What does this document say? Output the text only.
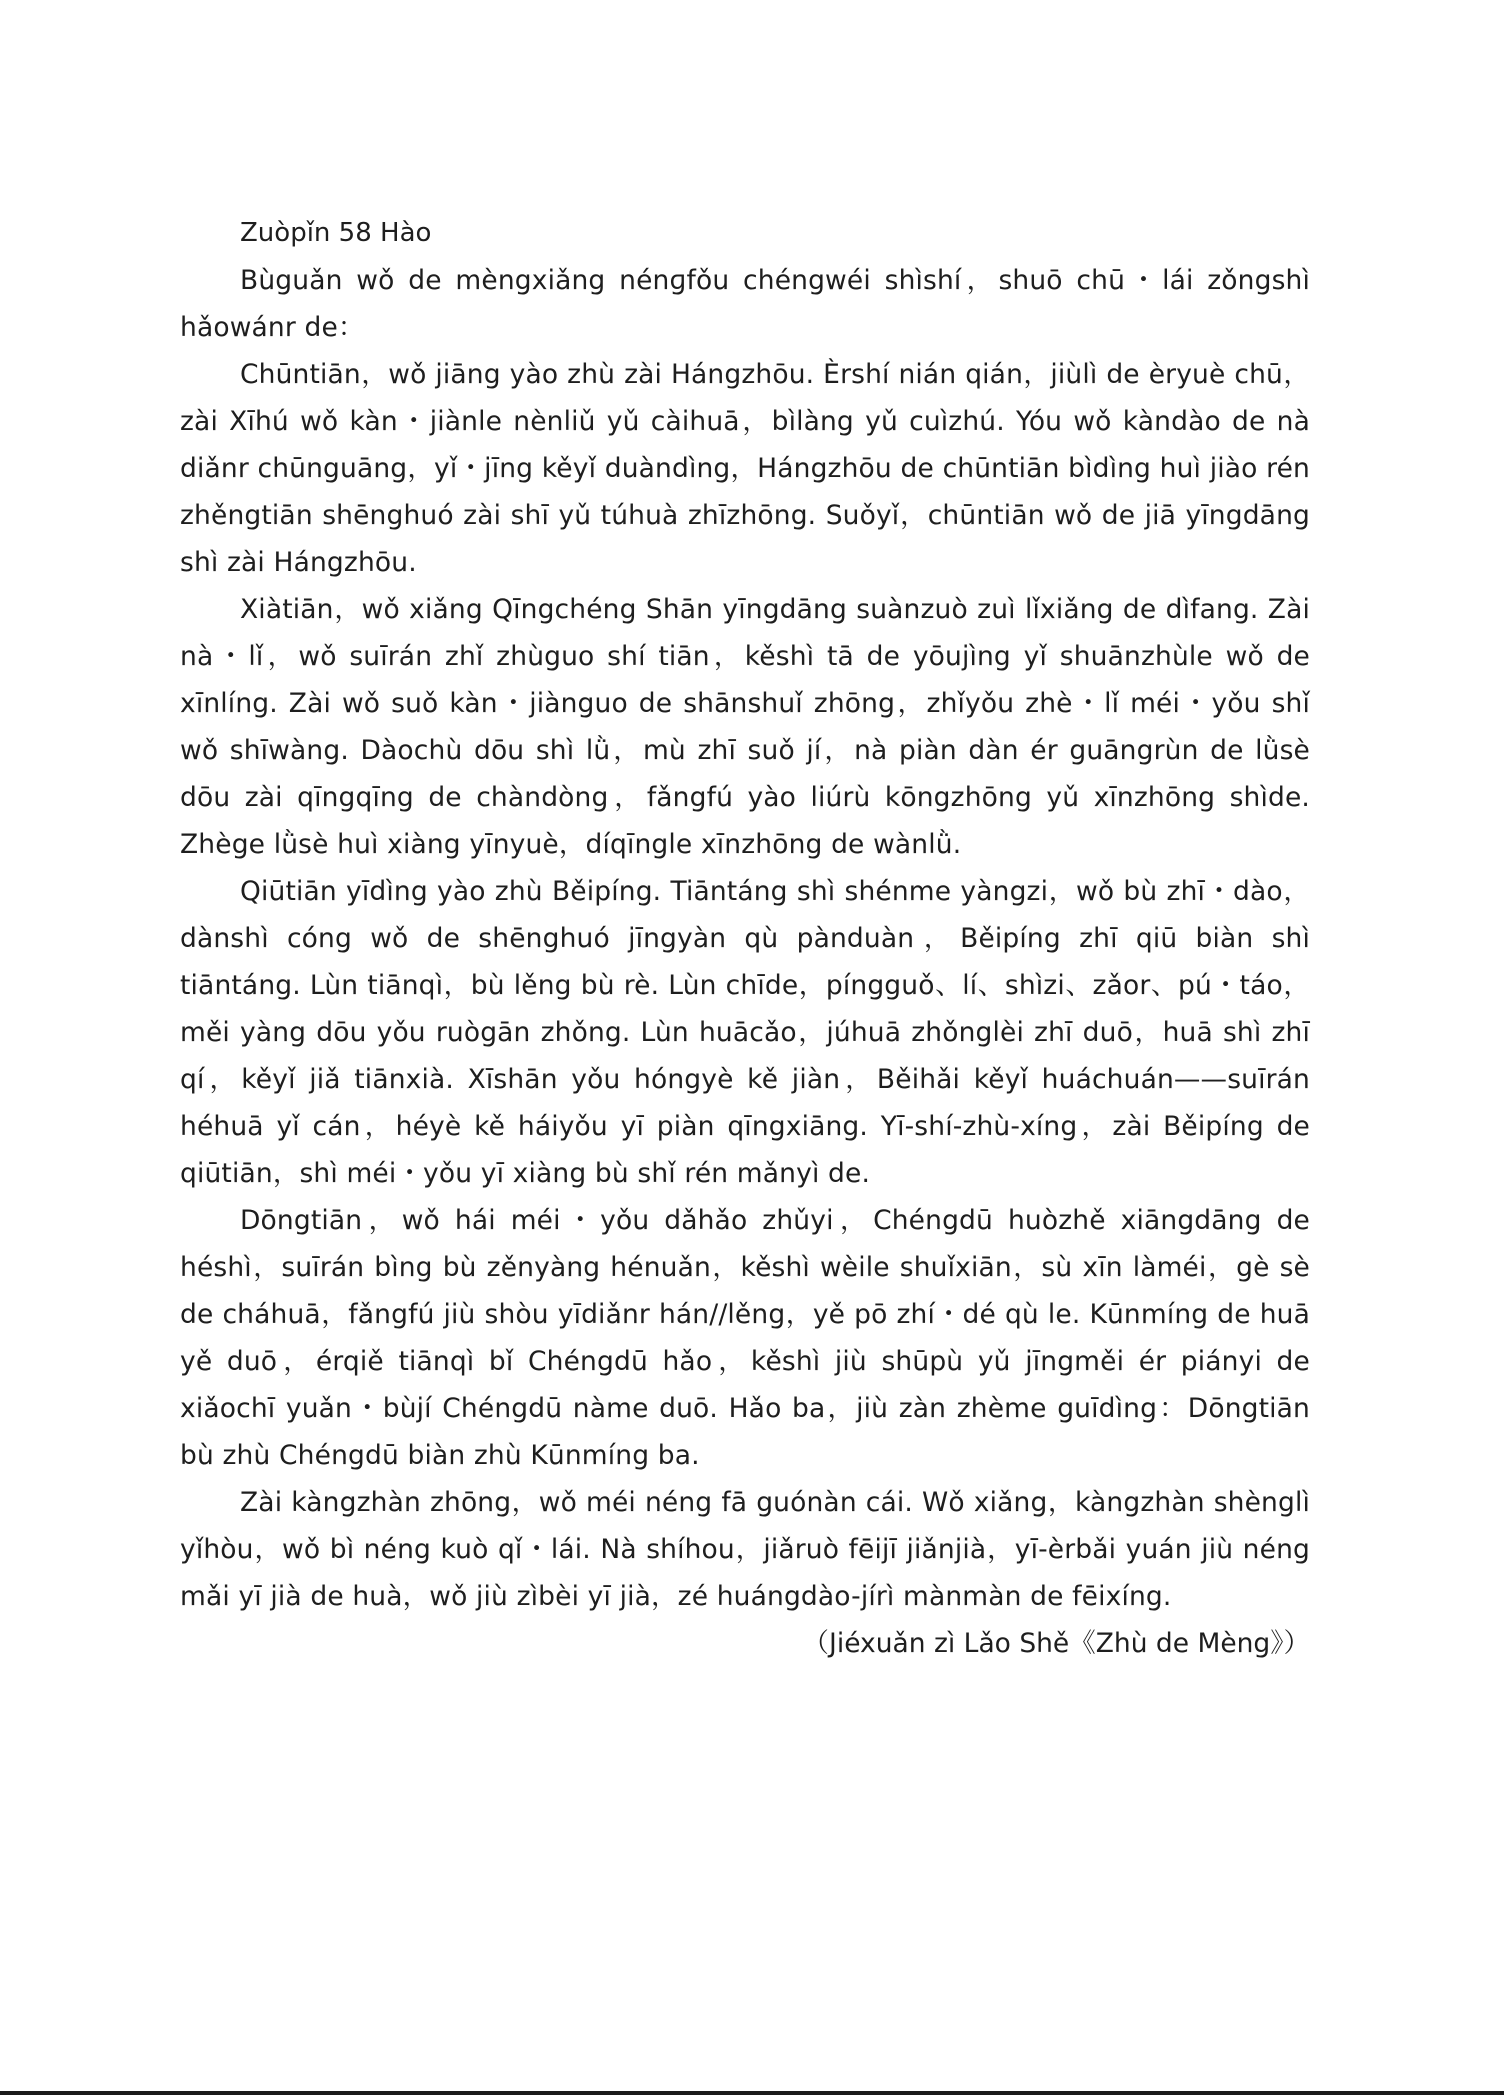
Zuòpǐn 58 Hào

Bùguǎn wǒ de mèngxiǎng nénɡfǒu chéngwéi shìshí，shuō chū・lái zǒngshì hǎowánr de：

Chūntiān，wǒ jiāng yào zhù zài Hángzhōu. Èrshí nián qián，jiùlì de èryuè chū，zài Xīhú wǒ kàn・jiànle nènliǔ yǔ càihuā，bìlàng yǔ cuìzhú. Yóu wǒ kàndào de nà diǎnr chūnguāng，yǐ・jīng kěyǐ duàndìng，Hángzhōu de chūntiān bìdìng huì jiào rén zhěngtiān shēnghuó zài shī yǔ túhuà zhīzhōng. Suǒyǐ，chūntiān wǒ de jiā yīngdāng shì zài Hángzhōu.

Xiàtiān，wǒ xiǎng Qīngchéng Shān yīngdāng suànzuò zuì lǐxiǎng de dìfang. Zài nà・lǐ，wǒ suīrán zhǐ zhùguo shí tiān，kěshì tā de yōujìng yǐ shuānzhùle wǒ de xīnlíng. Zài wǒ suǒ kàn・jiànguo de shānshuǐ zhōng，zhǐyǒu zhè・lǐ méi・yǒu shǐ wǒ shīwàng. Dàochù dōu shì lǜ，mù zhī suǒ jí，nà piàn dàn ér guāngrùn de lǜsè dōu zài qīngqīng de chàndòng，fǎngfú yào liúrù kōngzhōng yǔ xīnzhōng shìde. Zhège lǜsè huì xiàng yīnyuè，díqīngle xīnzhōng de wànlǜ.

Qiūtiān yīdìng yào zhù Běipíng. Tiāntáng shì shénme yàngzi，wǒ bù zhī・dào，dànshì cóng wǒ de shēnghuó jīngyàn qù pànduàn，Běipíng zhī qiū biàn shì tiāntáng. Lùn tiānqì，bù lěng bù rè. Lùn chīde，píngguǒ、lí、shìzi、zǎor、pú・táo，měi yàng dōu yǒu ruògān zhǒng. Lùn huācǎo，júhuā zhǒnglèi zhī duō，huā shì zhī qí，kěyǐ jiǎ tiānxià. Xīshān yǒu hóngyè kě jiàn，Běihǎi kěyǐ huáchuán——suīrán héhuā yǐ cán，héyè kě háiyǒu yī piàn qīngxiāng. Yī-shí-zhù-xíng，zài Běipíng de qiūtiān，shì méi・yǒu yī xiàng bù shǐ rén mǎnyì de.

Dōngtiān，wǒ hái méi・yǒu dǎhǎo zhǔyi，Chéngdū huòzhě xiāngdāng de héshì，suīrán bìng bù zěnyàng hénuǎn，kěshì wèile shuǐxiān，sù xīn làméi，gè sè de cháhuā，fǎngfú jiù shòu yīdiǎnr hán//lěng，yě pō zhí・dé qù le. Kūnmíng de huā yě duō，érqiě tiānqì bǐ Chéngdū hǎo，kěshì jiù shūpù yǔ jīngměi ér piányi de xiǎochī yuǎn・bùjí Chéngdū nàme duō. Hǎo ba，jiù zàn zhème guīdìng：Dōngtiān bù zhù Chéngdū biàn zhù Kūnmíng ba.

Zài kàngzhàn zhōng，wǒ méi néng fā guónàn cái. Wǒ xiǎng，kàngzhàn shènglì yǐhòu，wǒ bì néng kuò qǐ・lái. Nà shíhou，jiǎruò fēijī jiǎnjià，yī-èrbǎi yuán jiù néng mǎi yī jià de huà，wǒ jiù zìbèi yī jià，zé huángdào-jírì mànmàn de fēixíng.

（Jiéxuǎn zì Lǎo Shě《Zhù de Mèng》）
